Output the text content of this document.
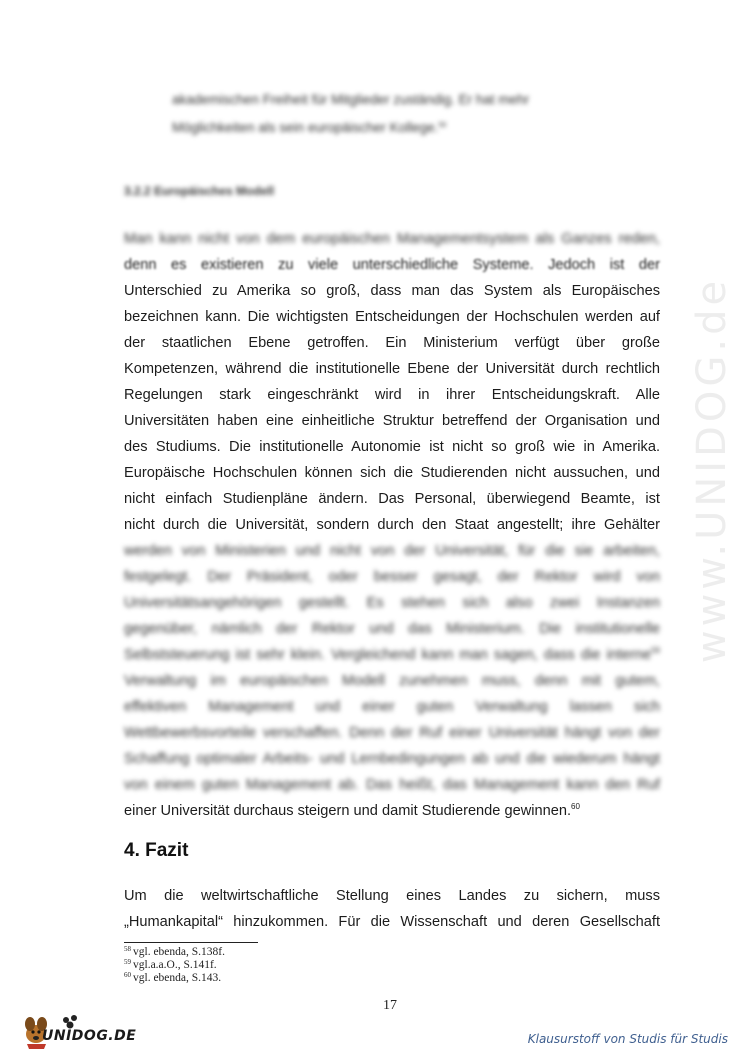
www.UNIDOG.de

akademischen Freiheit für Mitglieder zuständig. Er hat mehr

Möglichkeiten als sein europäischer Kollege.$^{58}$

3.2.2 Europäisches Modell

Man kann nicht von dem europäischen Managementsystem als Ganzes reden,

denn es existieren zu viele unterschiedliche Systeme. Jedoch ist der

Unterschied zu Amerika so groß, dass man das System als Europäisches

bezeichnen kann. Die wichtigsten Entscheidungen der Hochschulen werden auf

der staatlichen Ebene getroffen. Ein Ministerium verfügt über große

Kompetenzen, während die institutionelle Ebene der Universität durch rechtlich

Regelungen stark eingeschränkt wird in ihrer Entscheidungskraft. Alle

Universitäten haben eine einheitliche Struktur betreffend der Organisation und

des Studiums. Die institutionelle Autonomie ist nicht so groß wie in Amerika.

Europäische Hochschulen können sich die Studierenden nicht aussuchen, und

nicht einfach Studienpläne ändern. Das Personal, überwiegend Beamte, ist

nicht durch die Universität, sondern durch den Staat angestellt; ihre Gehälter

werden von Ministerien und nicht von der Universität, für die sie arbeiten,

festgelegt. Der Präsident, oder besser gesagt, der Rektor wird von

Universitätsangehörigen gestellt. Es stehen sich also zwei Instanzen

gegenüber, nämlich der Rektor und das Ministerium. Die institutionelle

Selbststeuerung ist sehr klein. Vergleichend kann man sagen, dass die interne$^{59}$

Verwaltung im europäischen Modell zunehmen muss, denn mit gutem,

effektiven Management und einer guten Verwaltung lassen sich

Wettbewerbsvorteile verschaffen. Denn der Ruf einer Universität hängt von der

Schaffung optimaler Arbeits- und Lernbedingungen ab und die wiederum hängt

von einem guten Management ab. Das heißt, das Management kann den Ruf

einer Universität durchaus steigern und damit Studierende gewinnen.$^{60}$

4. Fazit
Um die weltwirtschaftliche Stellung eines Landes zu sichern, muss
„Humankapital“ hinzukommen. Für die Wissenschaft und deren Gesellschaft
$^{58}$ vgl. ebenda, S.138f.
$^{59}$ vgl.a.a.O., S.141f.
$^{60}$ vgl. ebenda, S.143.
17
UNIDOG.DE	Klausurstoff von Studis für Studis
